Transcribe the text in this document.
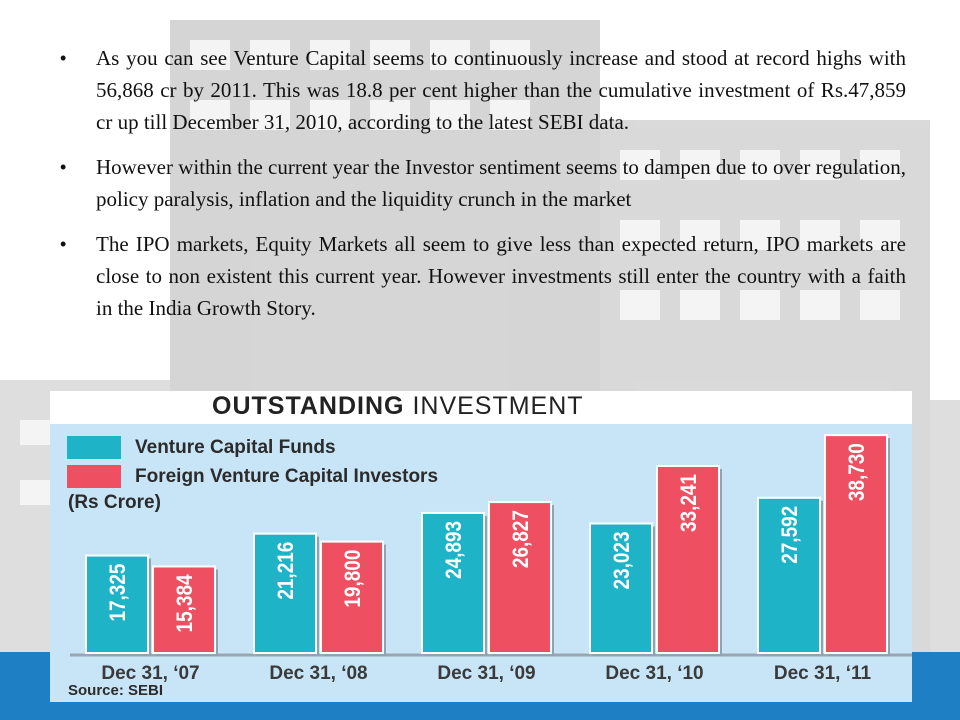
• As you can see Venture Capital seems to continuously increase and stood at record highs with 56,868 cr by 2011. This was 18.8 per cent higher than the cumulative investment of Rs.47,859 cr up till December 31, 2010, according to the latest SEBI data.
• However within the current year the Investor sentiment seems to dampen due to over regulation, policy paralysis, inflation and the liquidity crunch in the market
• The IPO markets, Equity Markets all seem to give less than expected return, IPO markets are close to non existent this current year. However investments still enter the country with a faith in the India Growth Story.
OUTSTANDING INVESTMENT
Venture Capital Funds
Foreign Venture Capital Investors
(Rs Crore)
17,325 15,384
Dec 31, ‘07
21,216 19,800
Dec 31, ‘08
24,893 26,827
Dec 31, ‘09
23,023
33,241
Dec 31, ‘10
27,592
38,730
Dec 31, ‘11
Source: SEBI
